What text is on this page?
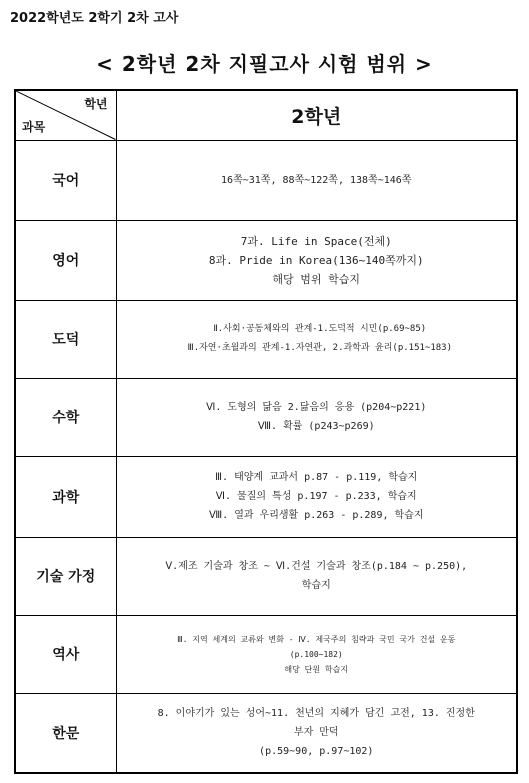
2022학년도 2학기 2차 고사
< 2학년 2차 지필고사 시험 범위 >
학년
과목	2학년
국어	16쪽~31쪽, 88쪽~122쪽, 138쪽~146쪽

영어	7과. Life in Space(전체)
8과. Pride in Korea(136~140쪽까지)
해당 범위 학습지

도덕	Ⅱ.사회·공동체와의 관계-1.도덕적 시민(p.69~85)
Ⅲ.자연·초월과의 관계-1.자연관, 2.과학과 윤리(p.151~183)

수학	Ⅵ. 도형의 닮음 2.닮음의 응용 (p204~p221)
Ⅷ. 확률 (p243~p269)

과학	Ⅲ. 태양계 교과서 p.87 - p.119, 학습지
Ⅵ. 물질의 특성 p.197 - p.233, 학습지
Ⅷ. 열과 우리생활 p.263 - p.289, 학습지

기술 가정	Ⅴ.제조 기술과 창조 ~ Ⅵ.건설 기술과 창조(p.184 ~ p.250),
학습지

역사	Ⅲ. 지역 세계의 교류와 변화 - Ⅳ. 제국주의 침략과 국민 국가 건설 운동
(p.100~182)
해당 단원 학습지

한문	8. 이야기가 있는 성어~11. 천년의 지혜가 담긴 고전, 13. 진정한
부자 만덕
(p.59~90, p.97~102)
